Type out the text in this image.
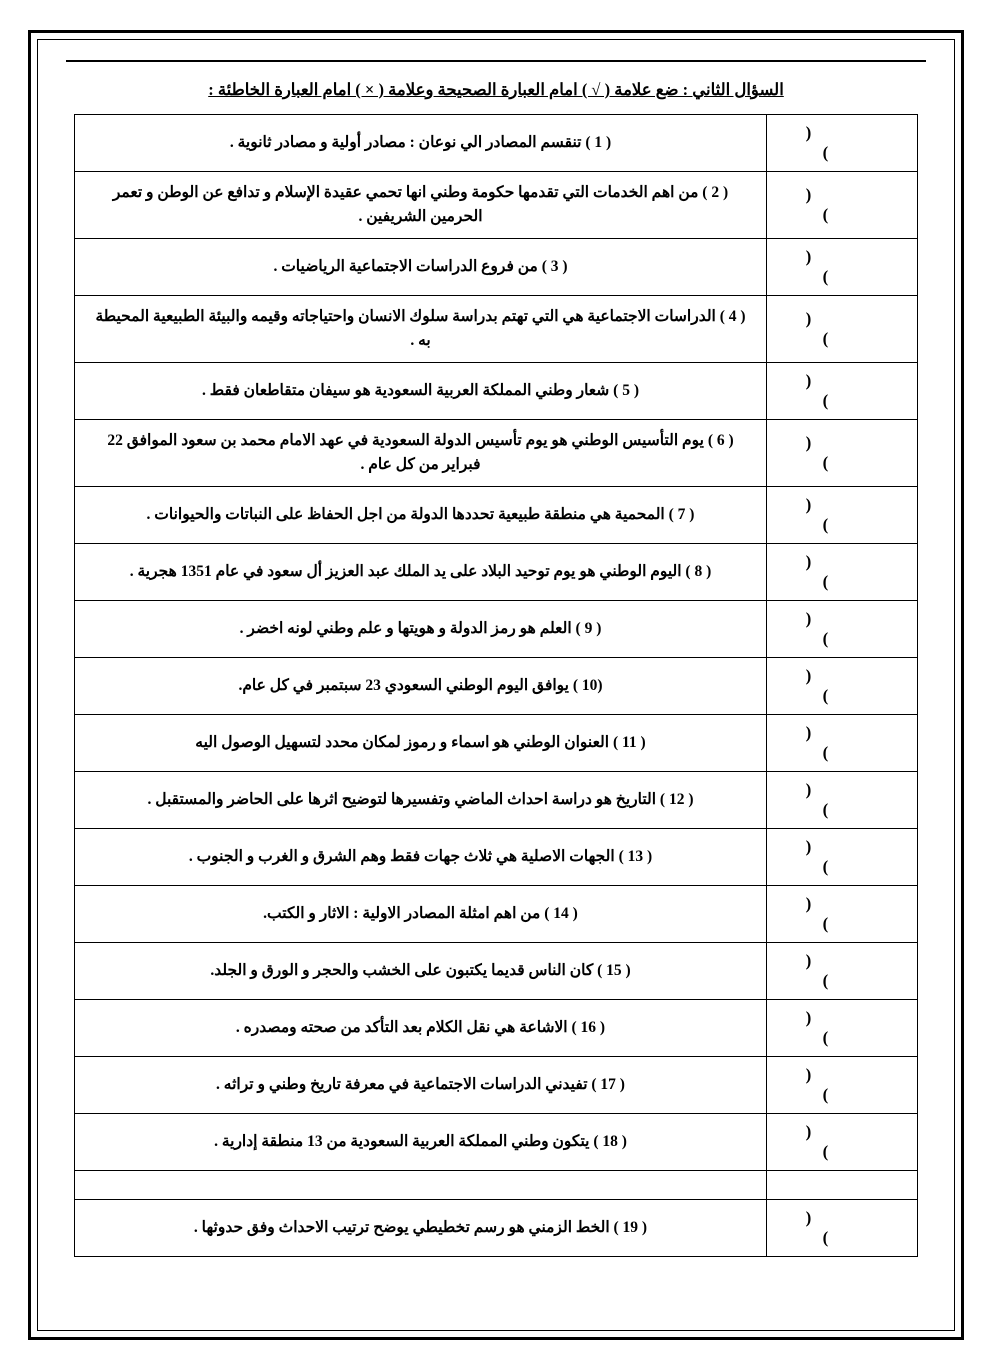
السؤال الثاني : ضع علامة ( √ ) امام العبارة الصحيحة وعلامة ( × ) امام العبارة الخاطئة :
( )	( 1 ) تنقسم المصادر الي نوعان : مصادر أولية و مصادر ثانوية .
( )	( 2 ) من اهم الخدمات التي تقدمها حكومة وطني انها تحمي عقيدة الإسلام و تدافع عن الوطن و تعمر الحرمين الشريفين .
( )	( 3 ) من فروع الدراسات الاجتماعية الرياضيات .
( )	( 4 ) الدراسات الاجتماعية هي التي تهتم بدراسة سلوك الانسان واحتياجاته وقيمه والبيئة الطبيعية المحيطة به .
( )	( 5 ) شعار وطني المملكة العربية السعودية هو سيفان متقاطعان فقط .
( )	( 6 ) يوم التأسيس الوطني هو يوم تأسيس الدولة السعودية في عهد الامام محمد بن سعود الموافق 22 فبراير من كل عام .
( )	( 7 ) المحمية هي منطقة طبيعية تحددها الدولة من اجل الحفاظ على النباتات والحيوانات .
( )	( 8 ) اليوم الوطني هو يوم توحيد البلاد على يد الملك عبد العزيز أل سعود في عام 1351 هجرية .
( )	( 9 ) العلم هو رمز الدولة و هويتها و علم وطني لونه اخضر .
( )	(10 ) يوافق اليوم الوطني السعودي 23 سبتمبر في كل عام.
( )	( 11 ) العنوان الوطني هو اسماء و رموز لمكان محدد لتسهيل الوصول اليه
( )	( 12 ) التاريخ هو دراسة احداث الماضي وتفسيرها لتوضيح اثرها على الحاضر والمستقبل .
( )	( 13 ) الجهات الاصلية هي ثلاث جهات فقط وهم الشرق و الغرب و الجنوب .
( )	( 14 ) من اهم امثلة المصادر الاولية : الاثار و الكتب.
( )	( 15 ) كان الناس قديما يكتبون على الخشب والحجر و الورق و الجلد.
( )	( 16 ) الاشاعة هي نقل الكلام بعد التأكد من صحته ومصدره .
( )	( 17 ) تفيدني الدراسات الاجتماعية في معرفة تاريخ وطني و تراثه .
( )	( 18 ) يتكون وطني المملكة العربية السعودية من 13 منطقة إدارية .

( )	( 19 ) الخط الزمني هو رسم تخطيطي يوضح ترتيب الاحداث وفق حدوثها .
